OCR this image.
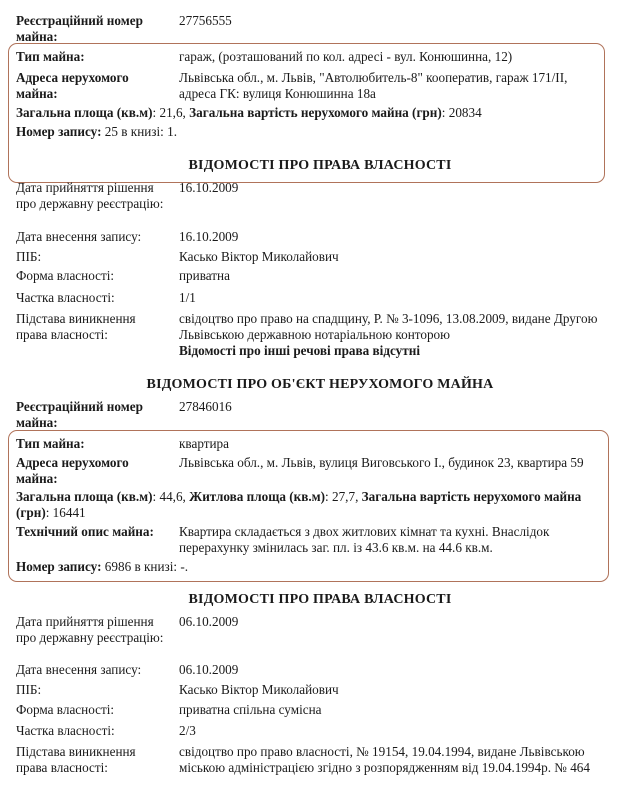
Реєстраційний номер майна:
27756555
Тип майна:	гараж, (розташований по кол. адресі - вул. Конюшинна, 12)
Адреса нерухомого майна:
Львівська обл., м. Львів, "Автолюбитель-8" кооператив, гараж 171/II, адреса ГК: вулиця Конюшинна 18а
Загальна площа (кв.м): 21,6, Загальна вартість нерухомого майна (грн): 20834
Номер запису: 25 в книзі: 1.
ВІДОМОСТІ ПРО ПРАВА ВЛАСНОСТІ
Дата прийняття рішення про державну реєстрацію:
16.10.2009
Дата внесення запису:	16.10.2009
ПІБ:	Касько Віктор Миколайович
Форма власності:	приватна
Частка власності:	1/1
Підстава виникнення права власності:
свідоцтво про право на спадщину, Р. № 3-1096, 13.08.2009, видане Другою Львівською державною нотаріальною конторою
Відомості про інші речові права відсутні
ВІДОМОСТІ ПРО ОБ'ЄКТ НЕРУХОМОГО МАЙНА
Реєстраційний номер майна:
27846016
Тип майна:	квартира
Адреса нерухомого майна:
Львівська обл., м. Львів, вулиця Виговського І., будинок 23, квартира 59
Загальна площа (кв.м): 44,6, Житлова площа (кв.м): 27,7, Загальна вартість нерухомого майна (грн): 16441
Технічний опис майна:	Квартира складається з двох житлових кімнат та кухні. Внаслідок перерахунку змінилась заг. пл. із 43.6 кв.м. на 44.6 кв.м.
Номер запису: 6986 в книзі: -.
ВІДОМОСТІ ПРО ПРАВА ВЛАСНОСТІ
Дата прийняття рішення про державну реєстрацію:
06.10.2009
Дата внесення запису:	06.10.2009
ПІБ:	Касько Віктор Миколайович
Форма власності:	приватна спільна сумісна
Частка власності:	2/3
Підстава виникнення права власності:
свідоцтво про право власності, № 19154, 19.04.1994, видане Львівською міською адміністрацією згідно з розпорядженням від 19.04.1994р. № 464
